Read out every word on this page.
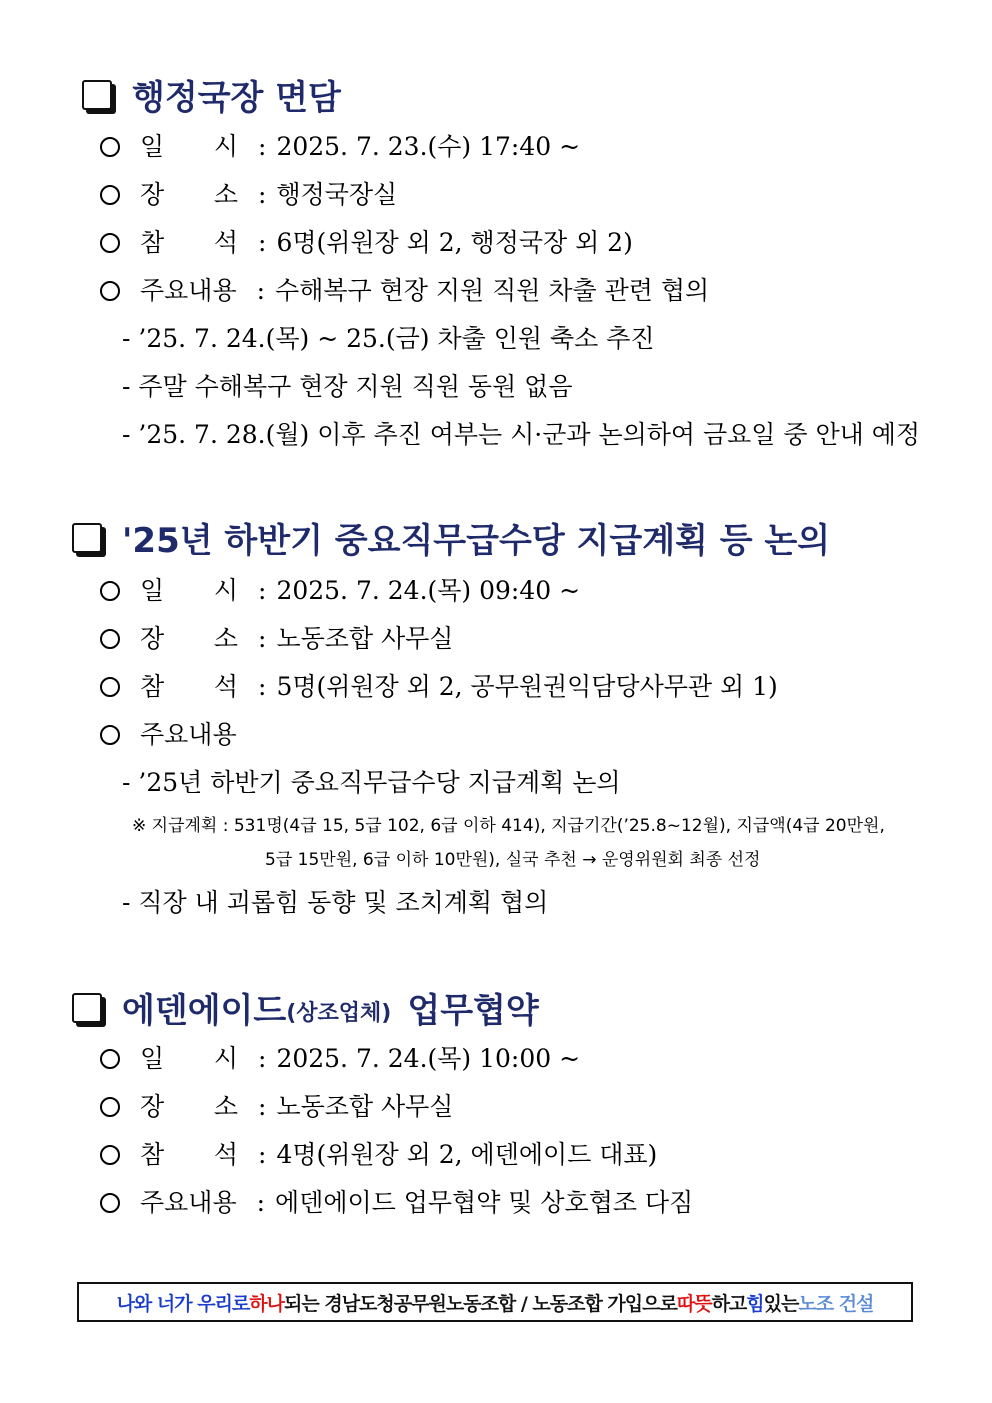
행정국장 면담
일 시 : 2025. 7. 23.(수) 17:40 ~
장 소 : 행정국장실
참 석 : 6명(위원장 외 2, 행정국장 외 2)
주요내용 : 수해복구 현장 지원 직원 차출 관련 협의
- ’25. 7. 24.(목) ~ 25.(금) 차출 인원 축소 추진
- 주말 수해복구 현장 지원 직원 동원 없음
- ’25. 7. 28.(월) 이후 추진 여부는 시·군과 논의하여 금요일 중 안내 예정
'25년 하반기 중요직무급수당 지급계획 등 논의
일 시 : 2025. 7. 24.(목) 09:40 ~
장 소 : 노동조합 사무실
참 석 : 5명(위원장 외 2, 공무원권익담당사무관 외 1)
주요내용
- ’25년 하반기 중요직무급수당 지급계획 논의
※ 지급계획 : 531명(4급 15, 5급 102, 6급 이하 414), 지급기간(’25.8~12월), 지급액(4급 20만원,
5급 15만원, 6급 이하 10만원), 실국 추천 → 운영위원회 최종 선정
- 직장 내 괴롭힘 동향 및 조치계획 협의
에덴에이드 (상조업체) 업무협약
일 시 : 2025. 7. 24.(목) 10:00 ~
장 소 : 노동조합 사무실
참 석 : 4명(위원장 외 2, 에덴에이드 대표)
주요내용 : 에덴에이드 업무협약 및 상호협조 다짐
나와 너가 우리로 하나 되는 경남도청공무원노동조합 / 노동조합 가입으로 따뜻 하고 힘 있는 노조 건설
